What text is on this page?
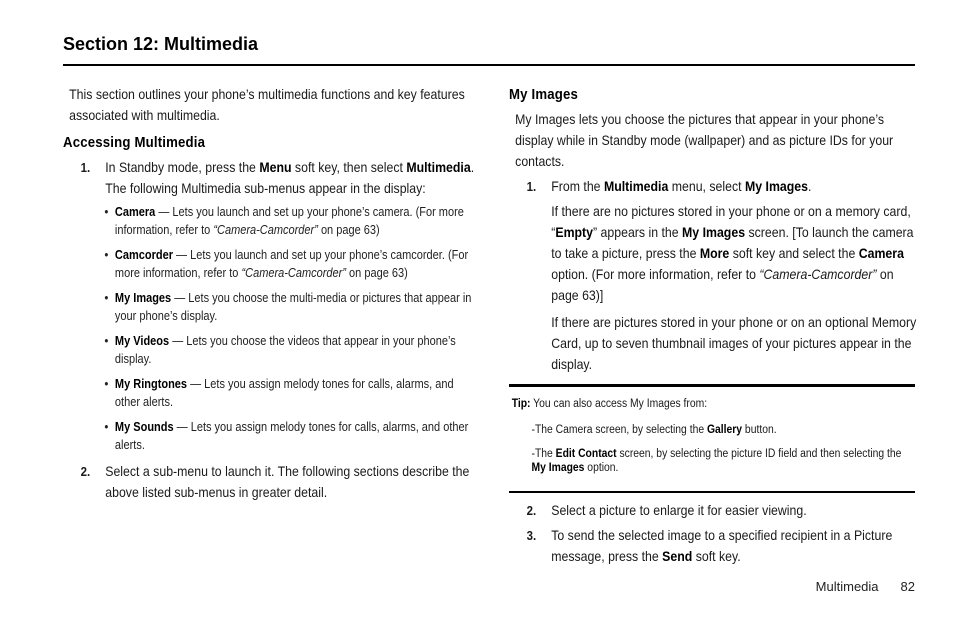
Section 12: Multimedia

This section outlines your phone’s multimedia functions and key features associated with multimedia.

Accessing Multimedia
1.	In Standby mode, press the Menu soft key, then select Multimedia. The following Multimedia sub-menus appear in the display:
• Camera — Lets you launch and set up your phone’s camera. (For more information, refer to “Camera-Camcorder” on page 63)
• Camcorder — Lets you launch and set up your phone’s camcorder. (For more information, refer to “Camera-Camcorder” on page 63)
• My Images — Lets you choose the multi-media or pictures that appear in your phone’s display.
• My Videos — Lets you choose the videos that appear in your phone’s display.
• My Ringtones — Lets you assign melody tones for calls, alarms, and other alerts.
• My Sounds — Lets you assign melody tones for calls, alarms, and other alerts.
2.	Select a sub-menu to launch it. The following sections describe the above listed sub-menus in greater detail.
My Images

My Images lets you choose the pictures that appear in your phone’s display while in Standby mode (wallpaper) and as picture IDs for your contacts.

1.	From the Multimedia menu, select My Images.

If there are no pictures stored in your phone or on a memory card, “Empty” appears in the My Images screen. [To launch the camera to take a picture, press the More soft key and select the Camera option. (For more information, refer to “Camera-Camcorder” on page 63)]

If there are pictures stored in your phone or on an optional Memory Card, up to seven thumbnail images of your pictures appear in the display.

Tip: You can also access My Images from:

-The Camera screen, by selecting the Gallery button.

-The Edit Contact screen, by selecting the picture ID field and then selecting the My Images option.

2.	Select a picture to enlarge it for easier viewing.
3.	To send the selected image to a specified recipient in a Picture message, press the Send soft key.
Multimedia 82
